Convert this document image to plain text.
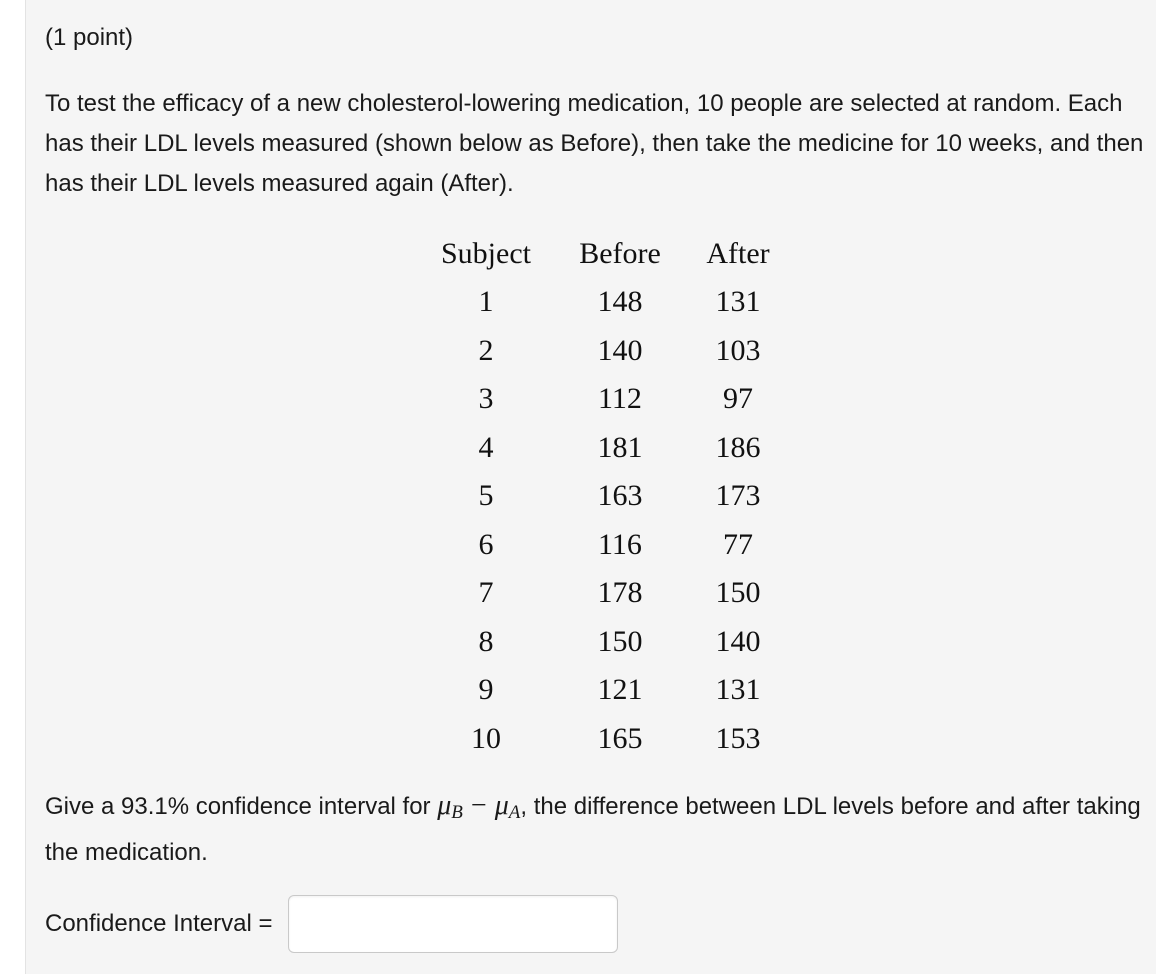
(1 point)

To test the efficacy of a new cholesterol-lowering medication, 10 people are selected at random. Each has their LDL levels measured (shown below as Before), then take the medicine for 10 weeks, and then has their LDL levels measured again (After).

Subject	Before	After
1	148	131
2	140	103
3	112	97
4	181	186
5	163	173
6	116	77
7	178	150
8	150	140
9	121	131
10	165	153

Give a 93.1% confidence interval for $\mu_B - \mu_A$, the difference between LDL levels before and after taking the medication.

Confidence Interval =
